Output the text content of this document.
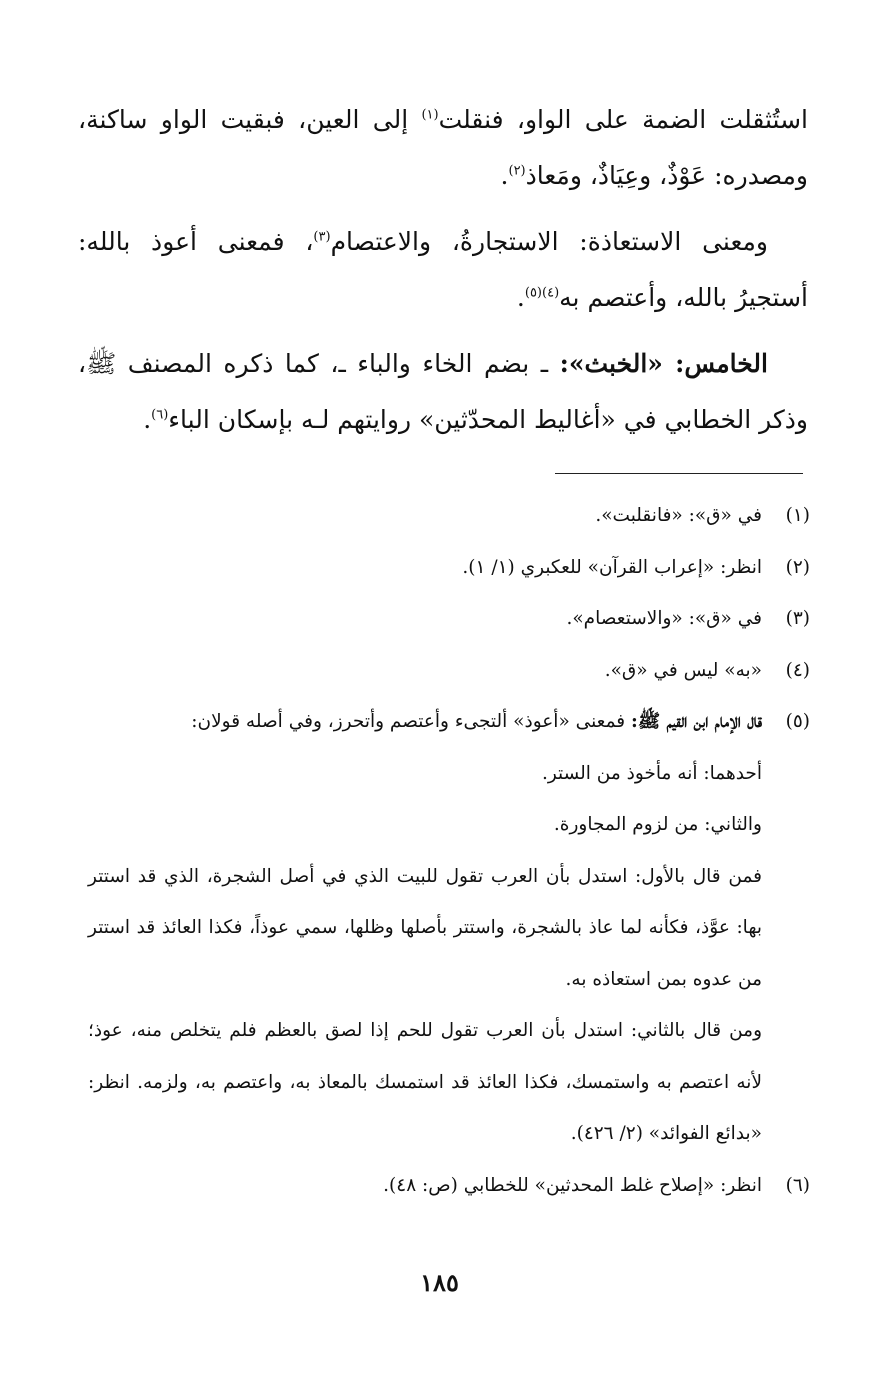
استُثقلت الضمة على الواو، فنقلت$^{(١)}$ إلى العين، فبقيت الواو ساكنة، ومصدره: عَوْذٌ، وعِيَاذٌ، ومَعاذ$^{(٢)}$.

ومعنى الاستعاذة: الاستجارةُ، والاعتصام$^{(٣)}$، فمعنى أعوذ بالله: أستجيرُ بالله، وأعتصم به$^{(٤)(٥)}$.

الخامس: «الخبث»: ـ بضم الخاء والباء ـ، كما ذكره المصنف ﷺ، وذكر الخطابي في «أغاليط المحدّثين» روايتهم لـه بإسكان الباء$^{(٦)}$.

(١)
في «ق»: «فانقلبت».
(٢)
انظر: «إعراب القرآن» للعكبري (١/ ١).
(٣)
في «ق»: «والاستعصام».
(٤)
«به» ليس في «ق».
(٥)
قال الإمام ابن القيم ﷺ: فمعنى «أعوذ» ألتجىء وأعتصم وأتحرز، وفي أصله قولان:
أحدهما: أنه مأخوذ من الستر.
والثاني: من لزوم المجاورة.
فمن قال بالأول: استدل بأن العرب تقول للبيت الذي في أصل الشجرة، الذي قد استتر بها: عوَّذ، فكأنه لما عاذ بالشجرة، واستتر بأصلها وظلها، سمي عوذاً، فكذا العائذ قد استتر من عدوه بمن استعاذه به.
ومن قال بالثاني: استدل بأن العرب تقول للحم إذا لصق بالعظم فلم يتخلص منه، عوذ؛ لأنه اعتصم به واستمسك، فكذا العائذ قد استمسك بالمعاذ به، واعتصم به، ولزمه. انظر: «بدائع الفوائد» (٢/ ٤٢٦).
(٦)
انظر: «إصلاح غلط المحدثين» للخطابي (ص: ٤٨).
١٨٥
